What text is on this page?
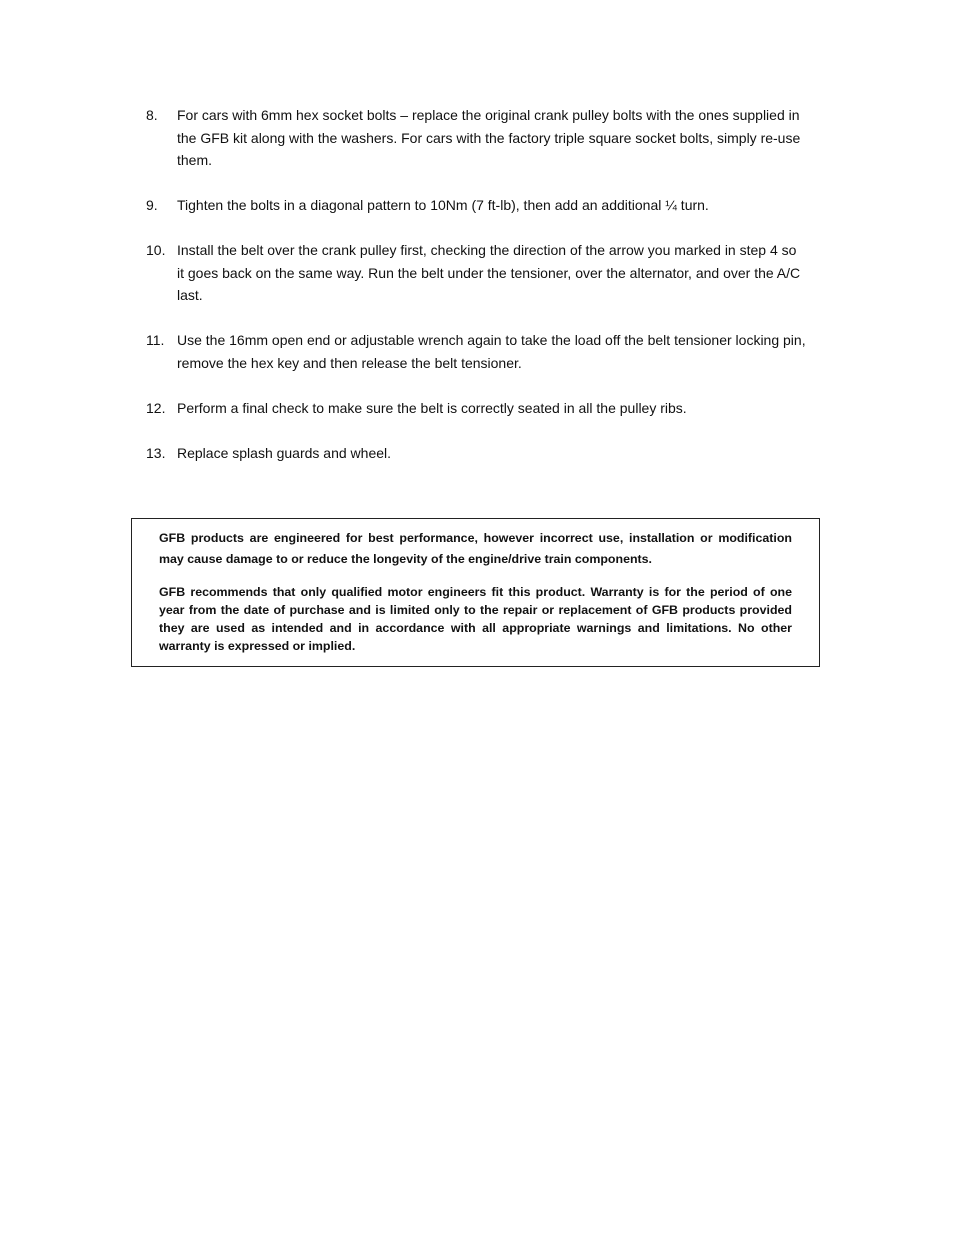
8. For cars with 6mm hex socket bolts – replace the original crank pulley bolts with the ones supplied in the GFB kit along with the washers. For cars with the factory triple square socket bolts, simply re-use them.
9. Tighten the bolts in a diagonal pattern to 10Nm (7 ft-lb), then add an additional ¼ turn.
10. Install the belt over the crank pulley first, checking the direction of the arrow you marked in step 4 so it goes back on the same way. Run the belt under the tensioner, over the alternator, and over the A/C last.
11. Use the 16mm open end or adjustable wrench again to take the load off the belt tensioner locking pin, remove the hex key and then release the belt tensioner.
12. Perform a final check to make sure the belt is correctly seated in all the pulley ribs.
13. Replace splash guards and wheel.

GFB products are engineered for best performance, however incorrect use, installation or modification may cause damage to or reduce the longevity of the engine/drive train components.

GFB recommends that only qualified motor engineers fit this product. Warranty is for the period of one year from the date of purchase and is limited only to the repair or replacement of GFB products provided they are used as intended and in accordance with all appropriate warnings and limitations. No other warranty is expressed or implied.
